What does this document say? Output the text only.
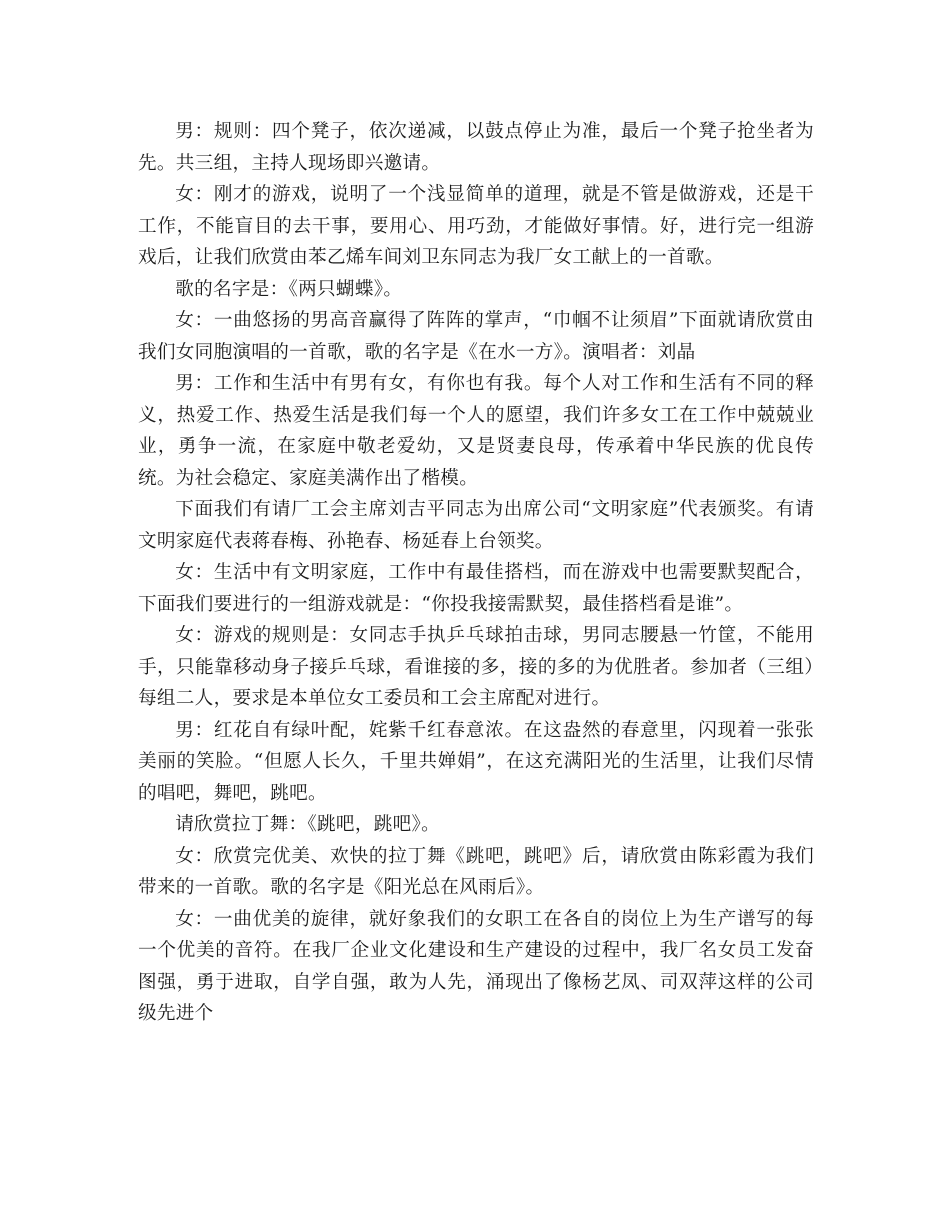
男：规则：四个凳子，依次递减，以鼓点停止为准，最后一个凳子抢坐者为先。共三组，主持人现场即兴邀请。

女：刚才的游戏，说明了一个浅显简单的道理，就是不管是做游戏，还是干工作，不能盲目的去干事，要用心、用巧劲，才能做好事情。好，进行完一组游戏后，让我们欣赏由苯乙烯车间刘卫东同志为我厂女工献上的一首歌。

歌的名字是：《两只蝴蝶》。

女：一曲悠扬的男高音赢得了阵阵的掌声，“巾帼不让须眉”下面就请欣赏由我们女同胞演唱的一首歌，歌的名字是《在水一方》。演唱者：刘晶

男：工作和生活中有男有女，有你也有我。每个人对工作和生活有不同的释义，热爱工作、热爱生活是我们每一个人的愿望，我们许多女工在工作中兢兢业业，勇争一流，在家庭中敬老爱幼，又是贤妻良母，传承着中华民族的优良传统。为社会稳定、家庭美满作出了楷模。

下面我们有请厂工会主席刘吉平同志为出席公司“文明家庭”代表颁奖。有请文明家庭代表蒋春梅、孙艳春、杨延春上台领奖。

女：生活中有文明家庭，工作中有最佳搭档，而在游戏中也需要默契配合，下面我们要进行的一组游戏就是：“你投我接需默契，最佳搭档看是谁”。

女：游戏的规则是：女同志手执乒乓球拍击球，男同志腰悬一竹筐，不能用手，只能靠移动身子接乒乓球，看谁接的多，接的多的为优胜者。参加者（三组）每组二人，要求是本单位女工委员和工会主席配对进行。

男：红花自有绿叶配，姹紫千红春意浓。在这盎然的春意里，闪现着一张张美丽的笑脸。“但愿人长久，千里共婵娟”，在这充满阳光的生活里，让我们尽情的唱吧，舞吧，跳吧。

请欣赏拉丁舞：《跳吧，跳吧》。

女：欣赏完优美、欢快的拉丁舞《跳吧，跳吧》后，请欣赏由陈彩霞为我们带来的一首歌。歌的名字是《阳光总在风雨后》。

女：一曲优美的旋律，就好象我们的女职工在各自的岗位上为生产谱写的每一个优美的音符。在我厂企业文化建设和生产建设的过程中，我厂名女员工发奋图强，勇于进取，自学自强，敢为人先，涌现出了像杨艺凤、司双萍这样的公司级先进个
